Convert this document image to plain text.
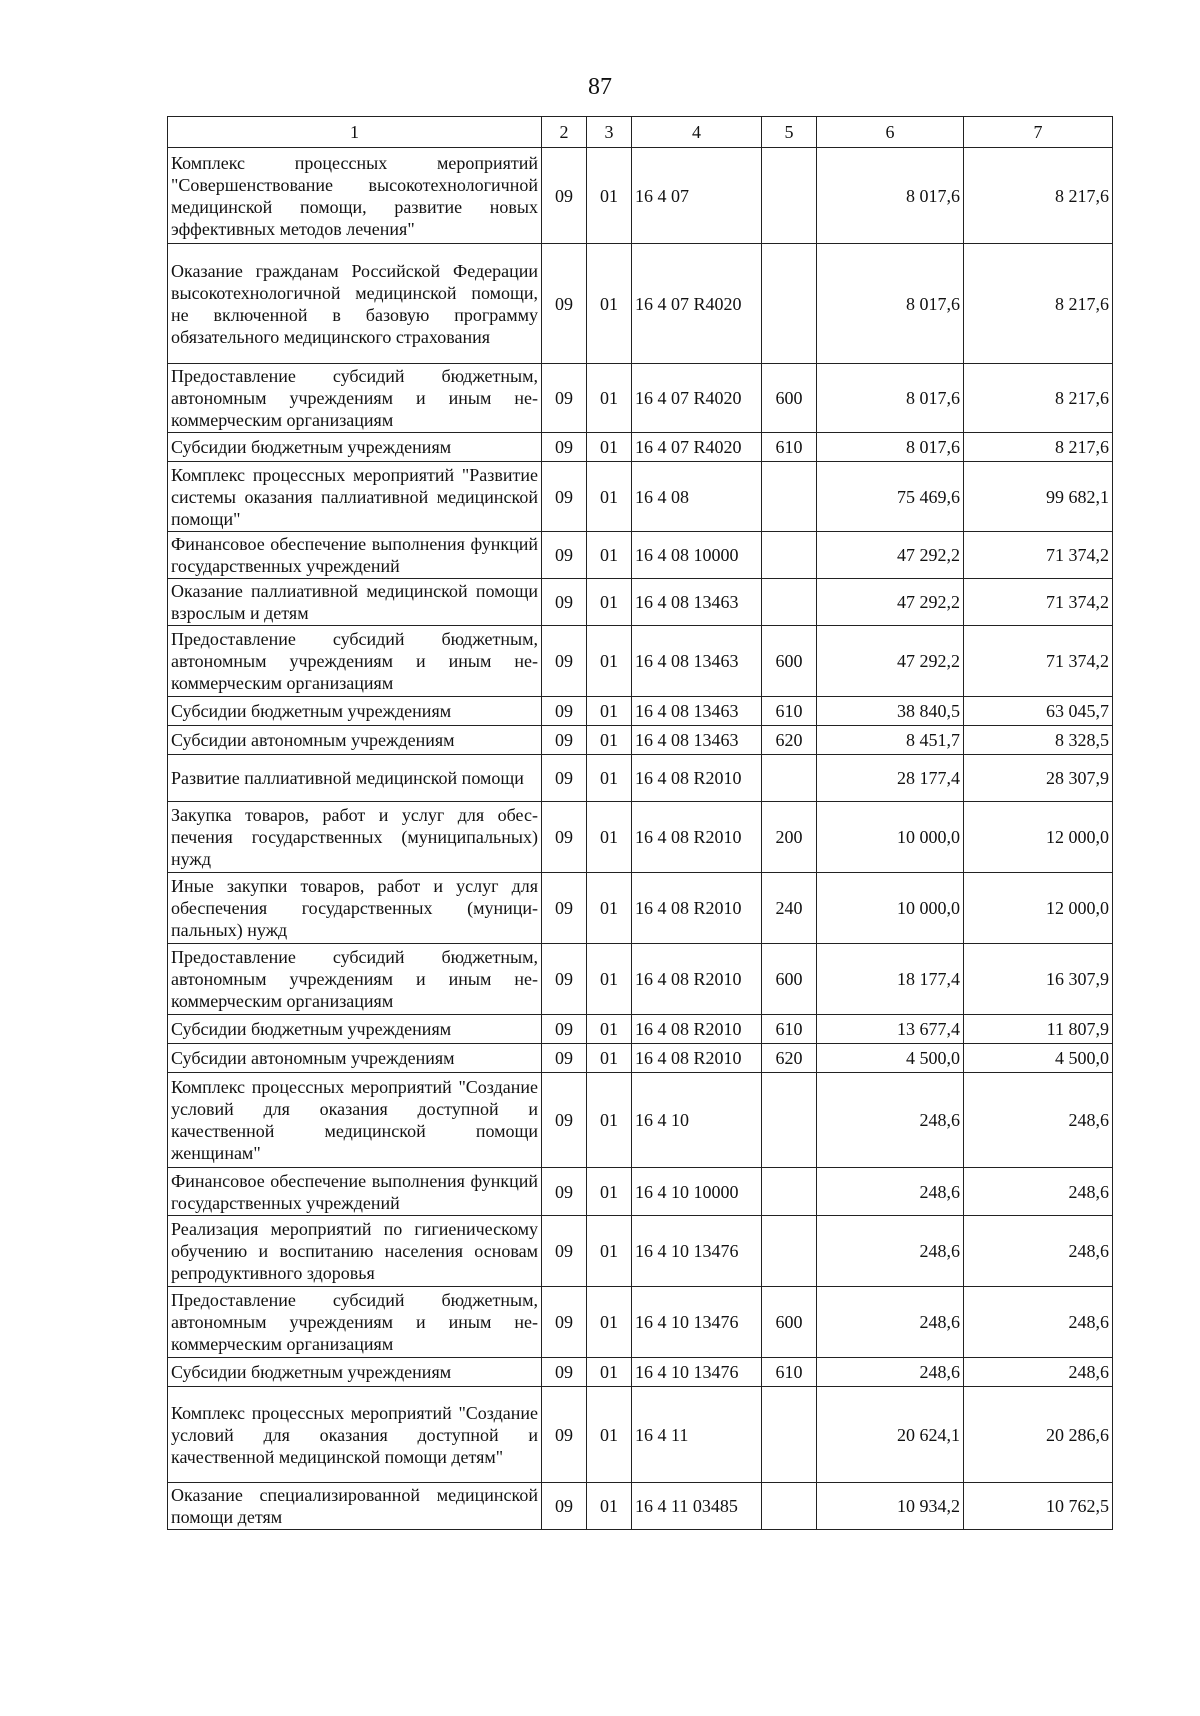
87
1	2	3	4	5	6	7
Комплекс процессных мероприятий "Совершенствование высокотехнологичной медицинской помощи, развитие новых эффективных методов лечения"	09	01	16 4 07		8 017,6	8 217,6
Оказание гражданам Российской Федерации высокотехнологичной медицинской помощи, не включенной в базовую программу обязательного медицинского страхования	09	01	16 4 07 R4020		8 017,6	8 217,6
Предоставление субсидий бюджетным, автономным учреждениям и иным некоммерческим организациям	09	01	16 4 07 R4020	600	8 017,6	8 217,6
Субсидии бюджетным учреждениям	09	01	16 4 07 R4020	610	8 017,6	8 217,6
Комплекс процессных мероприятий "Развитие системы оказания паллиативной медицинской помощи"	09	01	16 4 08		75 469,6	99 682,1
Финансовое обеспечение выполнения функций государственных учреждений	09	01	16 4 08 10000		47 292,2	71 374,2
Оказание паллиативной медицинской помощи взрослым и детям	09	01	16 4 08 13463		47 292,2	71 374,2
Предоставление субсидий бюджетным, автономным учреждениям и иным некоммерческим организациям	09	01	16 4 08 13463	600	47 292,2	71 374,2
Субсидии бюджетным учреждениям	09	01	16 4 08 13463	610	38 840,5	63 045,7
Субсидии автономным учреждениям	09	01	16 4 08 13463	620	8 451,7	8 328,5
Развитие паллиативной медицинской помощи	09	01	16 4 08 R2010		28 177,4	28 307,9
Закупка товаров, работ и услуг для обеспечения государственных (муниципальных) нужд	09	01	16 4 08 R2010	200	10 000,0	12 000,0
Иные закупки товаров, работ и услуг для обеспечения государственных (муниципальных) нужд	09	01	16 4 08 R2010	240	10 000,0	12 000,0
Предоставление субсидий бюджетным, автономным учреждениям и иным некоммерческим организациям	09	01	16 4 08 R2010	600	18 177,4	16 307,9
Субсидии бюджетным учреждениям	09	01	16 4 08 R2010	610	13 677,4	11 807,9
Субсидии автономным учреждениям	09	01	16 4 08 R2010	620	4 500,0	4 500,0
Комплекс процессных мероприятий "Создание условий для оказания доступной и качественной медицинской помощи женщинам"	09	01	16 4 10		248,6	248,6
Финансовое обеспечение выполнения функций государственных учреждений	09	01	16 4 10 10000		248,6	248,6
Реализация мероприятий по гигиеническому обучению и воспитанию населения основам репродуктивного здоровья	09	01	16 4 10 13476		248,6	248,6
Предоставление субсидий бюджетным, автономным учреждениям и иным некоммерческим организациям	09	01	16 4 10 13476	600	248,6	248,6
Субсидии бюджетным учреждениям	09	01	16 4 10 13476	610	248,6	248,6
Комплекс процессных мероприятий "Создание условий для оказания доступной и качественной медицинской помощи детям"	09	01	16 4 11		20 624,1	20 286,6
Оказание специализированной медицинской помощи детям	09	01	16 4 11 03485		10 934,2	10 762,5
